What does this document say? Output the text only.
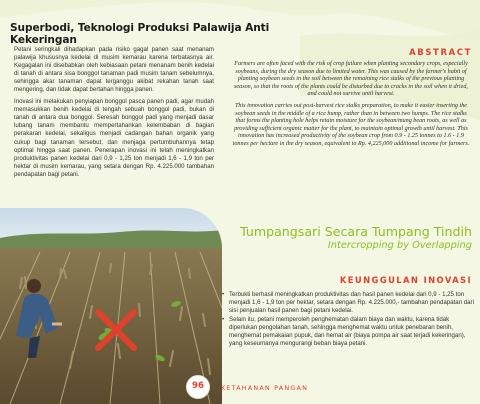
Superbodi, Teknologi Produksi Palawija Anti Kekeringan

Petani seringkali dihadapkan pada risiko gagal panen saat menanam palawija khususnya kedelai di musim kemarau karena terbatasnya air. Kegagalan ini disebabkan oleh kebiasaan petani menanam benih kedelai di tanah di antara sisa bonggol tanaman padi musim tanam sebelumnya, sehingga akar tanaman dapat terganggu akibat rekahan tanah saat mengering, dan tidak dapat bertahan hingga panen.

Inovasi ini melakukan penyiapan bonggol pasca panen padi, agar mudah memasukkan benih kedelai di tengah sebuah bonggol padi, bukan di tanah di antara dua bonggol. Seresah bonggol padi yang menjadi dasar lubang tanam membantu mempertahankan kelembaban di bagian perakaran kedelai, sekaligus menjadi cadangan bahan organik yang cukup bagi tanaman tersebut, dan menjaga pertumbuhannya tetap optimal hingga saat panen. Penerapan inovasi ini telah meningkatkan produktivitas panen kedelai dari 0,9 - 1,25 ton menjadi 1,6 - 1,9 ton per hektar di musim kemarau, yang setara dengan Rp. 4.225.000 tambahan pendapatan bagi petani.

ABSTRACT

Farmers are often faced with the risk of crop failure when planting secondary crops, especially soybeans, during the dry season due to limited water. This was caused by the farmer's habit of planting soybean seeds in the soil between the remaining rice stalks of the previous planting season, so that the roots of the plants could be disturbed due to cracks in the soil when it dried, and could not survive until harvest.

This innovation carries out post-harvest rice stalks preparation, to make it easier inserting the soybean seeds in the middle of a rice hump, rather than in between two humps. The rice stalks that forms the planting hole helps retain moisture for the soybean/mung bean roots, as well as providing sufficient organic matter for the plant, to maintain optimal growth until harvest. This innovation has increased productivity of the soybean crop from 0.9 - 1.25 tonnes to 1.6 - 1.9 tonnes per hectare in the dry season, equivalent to Rp. 4,225,000 additional income for farmers.

Tumpangsari Secara Tumpang Tindih
Intercropping by Overlapping
KEUNGGULAN INOVASI
• Terbukti berhasil meningkatkan produktivitas dan hasil panen kedelai dari 0,9 - 1,25 ton menjadi 1,6 - 1,9 ton per hektar, setara dengan Rp. 4.225.000,- tambahan pendapatan dari sisi penjualan hasil panen bagi petani kedelai.
• Selain itu, petani memperoleh penghematan dalam biaya dan waktu, karena tidak diperlukan pengolahan tanah, sehingga menghemat waktu untuk penebaran benih, menghemat pemakaian pupuk, dan hemat air (biaya pompa air saat terjadi kekeringan), yang keseumanya mengurangi beban biaya petani.
96	KETAHANAN PANGAN
